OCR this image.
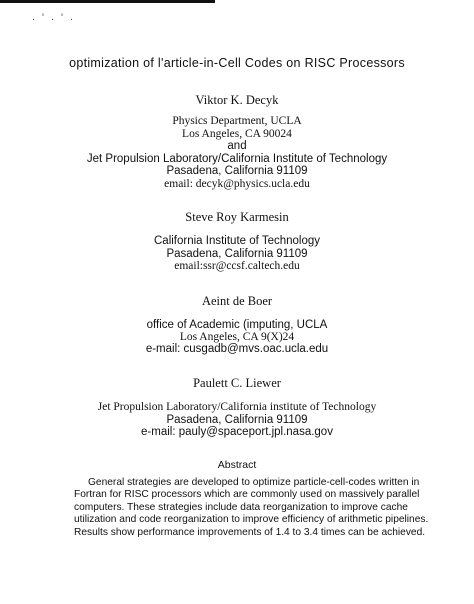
. ' . ' .
optimization of l'article-in-Cell Codes on RISC Processors
Viktor K. Decyk
Physics Department, UCLA
Los Angeles, CA 90024
and
Jet Propulsion Laboratory/California Institute of Technology
Pasadena, California 91109
email: decyk@physics.ucla.edu
Steve Roy Karmesin
California Institute of Technology
Pasadena, California 91109
email:ssr@ccsf.caltech.edu
Aeint de Boer
office of Academic (imputing, UCLA
Los Angeles, CA 9(X)24
e-mail: cusgadb@mvs.oac.ucla.edu
Paulett C. Liewer
Jet Propulsion Laboratory/California institute of Technology
Pasadena, California 91109
e-mail: pauly@spaceport.jpl.nasa.gov
Abstract
General strategies are developed to optimize particle-cell-codes written in
Fortran for RISC processors which are commonly used on massively parallel
computers. These strategies include data reorganization to improve cache
utilization and code reorganization to improve efficiency of arithmetic pipelines.
Results show performance improvements of 1.4 to 3.4 times can be achieved.
